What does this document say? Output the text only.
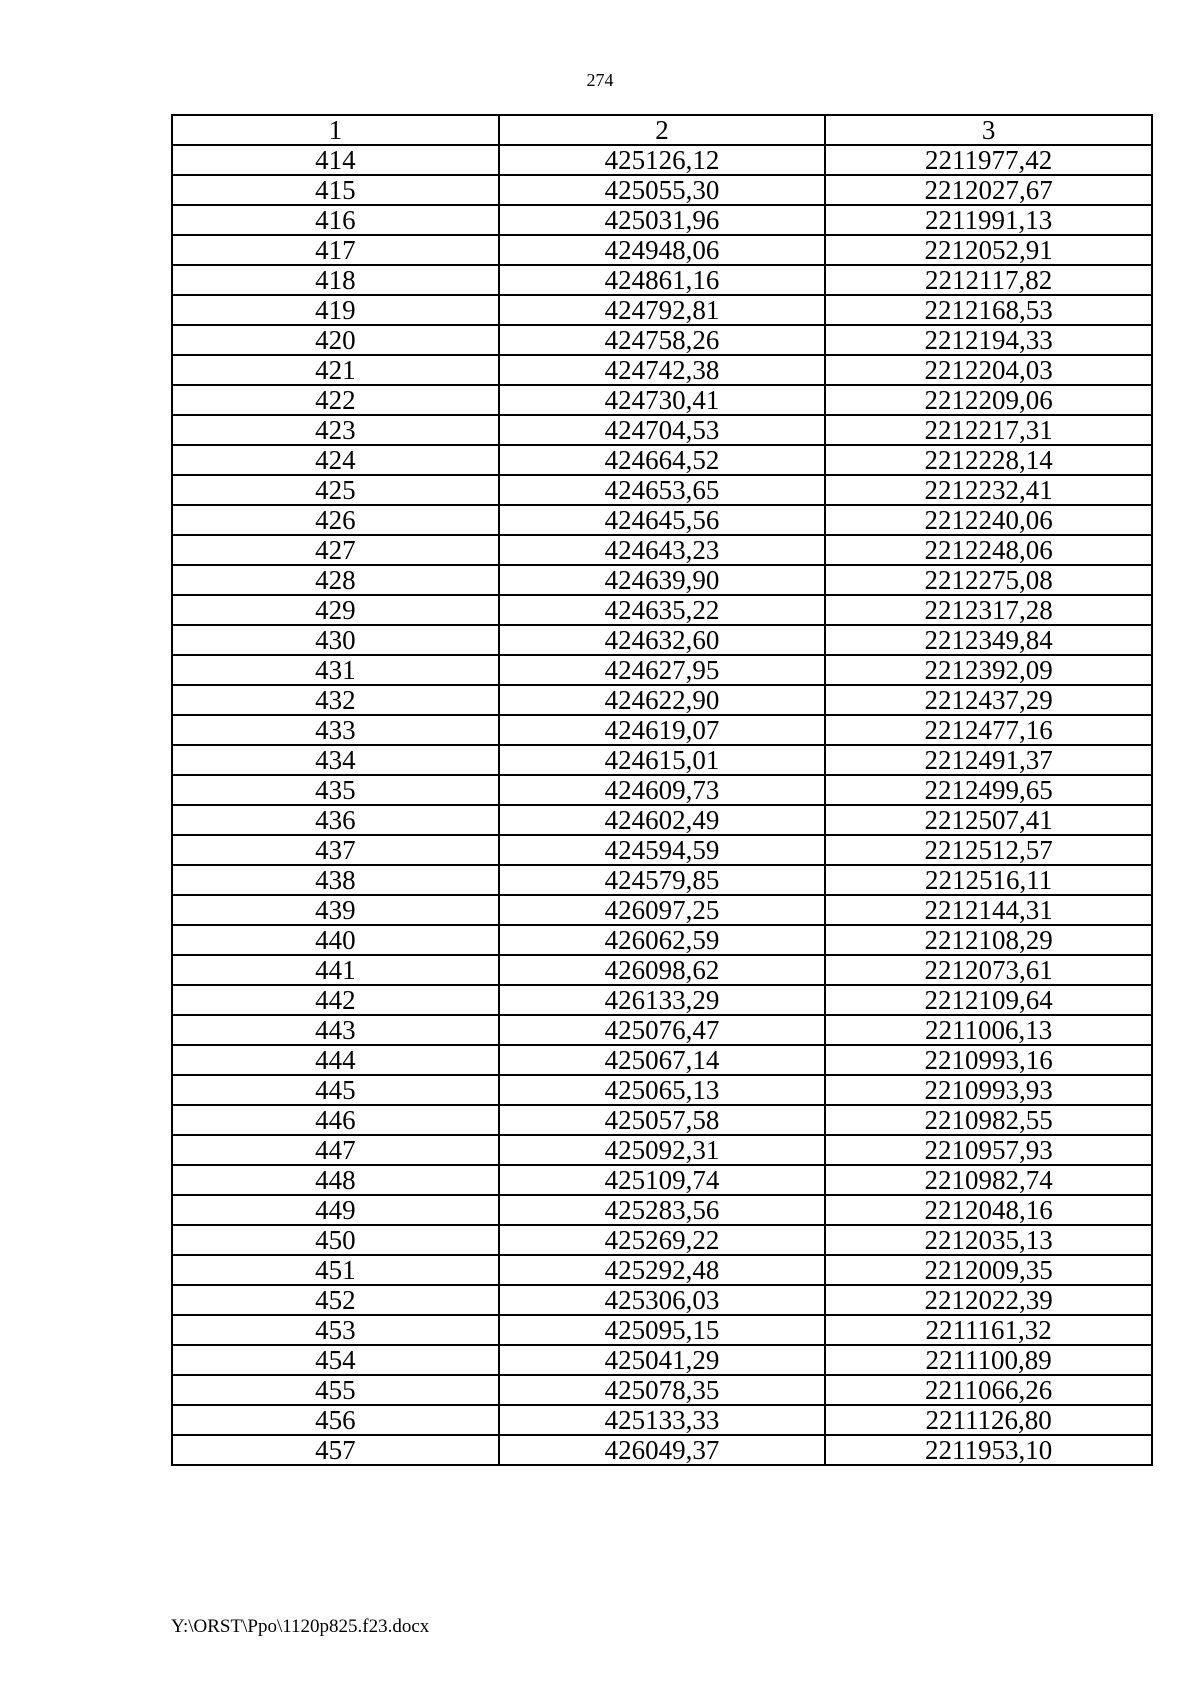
274
1	2	3
414	425126,12	2211977,42
415	425055,30	2212027,67
416	425031,96	2211991,13
417	424948,06	2212052,91
418	424861,16	2212117,82
419	424792,81	2212168,53
420	424758,26	2212194,33
421	424742,38	2212204,03
422	424730,41	2212209,06
423	424704,53	2212217,31
424	424664,52	2212228,14
425	424653,65	2212232,41
426	424645,56	2212240,06
427	424643,23	2212248,06
428	424639,90	2212275,08
429	424635,22	2212317,28
430	424632,60	2212349,84
431	424627,95	2212392,09
432	424622,90	2212437,29
433	424619,07	2212477,16
434	424615,01	2212491,37
435	424609,73	2212499,65
436	424602,49	2212507,41
437	424594,59	2212512,57
438	424579,85	2212516,11
439	426097,25	2212144,31
440	426062,59	2212108,29
441	426098,62	2212073,61
442	426133,29	2212109,64
443	425076,47	2211006,13
444	425067,14	2210993,16
445	425065,13	2210993,93
446	425057,58	2210982,55
447	425092,31	2210957,93
448	425109,74	2210982,74
449	425283,56	2212048,16
450	425269,22	2212035,13
451	425292,48	2212009,35
452	425306,03	2212022,39
453	425095,15	2211161,32
454	425041,29	2211100,89
455	425078,35	2211066,26
456	425133,33	2211126,80
457	426049,37	2211953,10
Y:\ORST\Ppo\1120p825.f23.docx
